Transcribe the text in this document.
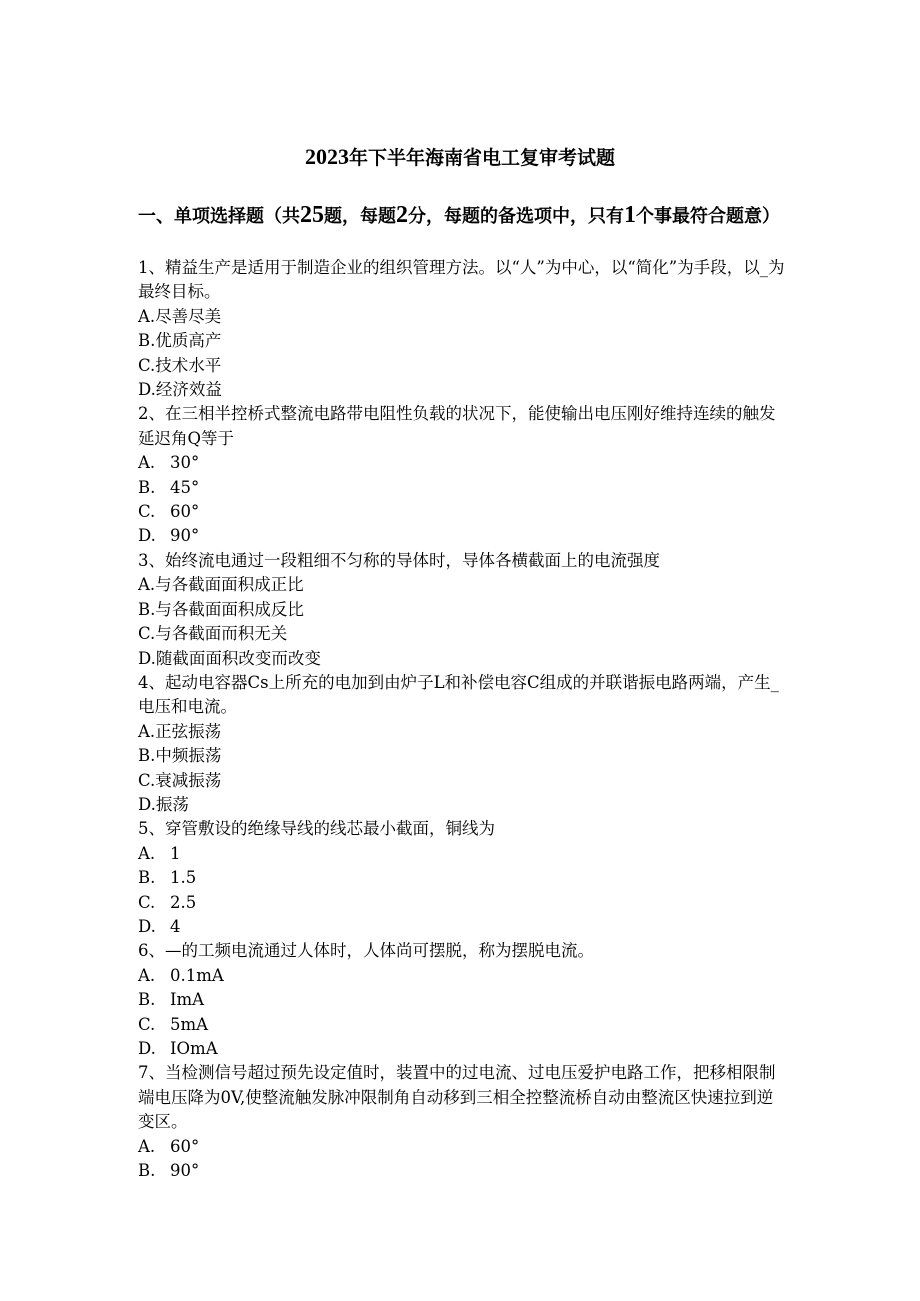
2023年下半年海南省电工复审考试题
一、单项选择题（共25题，每题2分，每题的备选项中，只有1个事最符合题意）

1、精益生产是适用于制造企业的组织管理方法。以“人”为中心，以“简化”为手段，以_为最终目标。

A.尽善尽美

B.优质高产

C.技术水平

D.经济效益

2、在三相半控桥式整流电路带电阻性负载的状况下，能使输出电压刚好维持连续的触发延迟角Q等于

A. 30°

B. 45°

C. 60°

D. 90°

3、始终流电通过一段粗细不匀称的导体时，导体各横截面上的电流强度

A.与各截面面积成正比

B.与各截面面积成反比

C.与各截面而积无关

D.随截面面积改变而改变

4、起动电容器Cs上所充的电加到由炉子L和补偿电容C组成的并联谐振电路两端，产生_电压和电流。

A.正弦振荡

B.中频振荡

C.衰减振荡

D.振荡

5、穿管敷设的绝缘导线的线芯最小截面，铜线为

A. 1

B. 1.5

C. 2.5

D. 4

6、—的工频电流通过人体时，人体尚可摆脱，称为摆脱电流。

A. 0.1mA

B. ImA

C. 5mA

D. IOmA

7、当检测信号超过预先设定值时，装置中的过电流、过电压爱护电路工作，把移相限制端电压降为0V,使整流触发脉冲限制角自动移到三相全控整流桥自动由整流区快速拉到逆变区。

A. 60°

B. 90°
